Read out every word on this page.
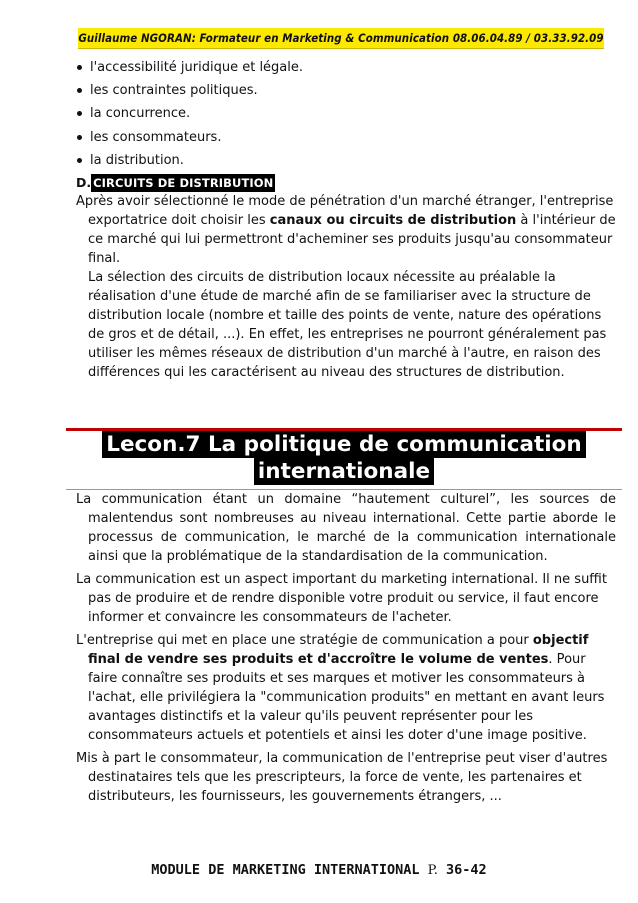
Guillaume NGORAN: Formateur en Marketing & Communication 08.06.04.89 / 03.33.92.09
l'accessibilité juridique et légale.
les contraintes politiques.
la concurrence.
les consommateurs.
la distribution.
D. CIRCUITS DE DISTRIBUTION

Après avoir sélectionné le mode de pénétration d'un marché étranger, l'entreprise exportatrice doit choisir les canaux ou circuits de distribution à l'intérieur de ce marché qui lui permettront d'acheminer ses produits jusqu'au consommateur final.

La sélection des circuits de distribution locaux nécessite au préalable la réalisation d'une étude de marché afin de se familiariser avec la structure de distribution locale (nombre et taille des points de vente, nature des opérations de gros et de détail, ...). En effet, les entreprises ne pourront généralement pas utiliser les mêmes réseaux de distribution d'un marché à l'autre, en raison des différences qui les caractérisent au niveau des structures de distribution.

Lecon.7 La politique de communication
internationale

La communication étant un domaine “hautement culturel”, les sources de malentendus sont nombreuses au niveau international. Cette partie aborde le processus de communication, le marché de la communication internationale ainsi que la problématique de la standardisation de la communication.

La communication est un aspect important du marketing international. Il ne suffit pas de produire et de rendre disponible votre produit ou service, il faut encore informer et convaincre les consommateurs de l'acheter.

L'entreprise qui met en place une stratégie de communication a pour objectif final de vendre ses produits et d'accroître le volume de ventes. Pour faire connaître ses produits et ses marques et motiver les consommateurs à l'achat, elle privilégiera la "communication produits" en mettant en avant leurs avantages distinctifs et la valeur qu'ils peuvent représenter pour les consommateurs actuels et potentiels et ainsi les doter d'une image positive.

Mis à part le consommateur, la communication de l'entreprise peut viser d'autres destinataires tels que les prescripteurs, la force de vente, les partenaires et distributeurs, les fournisseurs, les gouvernements étrangers, ...

MODULE DE MARKETING INTERNATIONAL P. 36-42
